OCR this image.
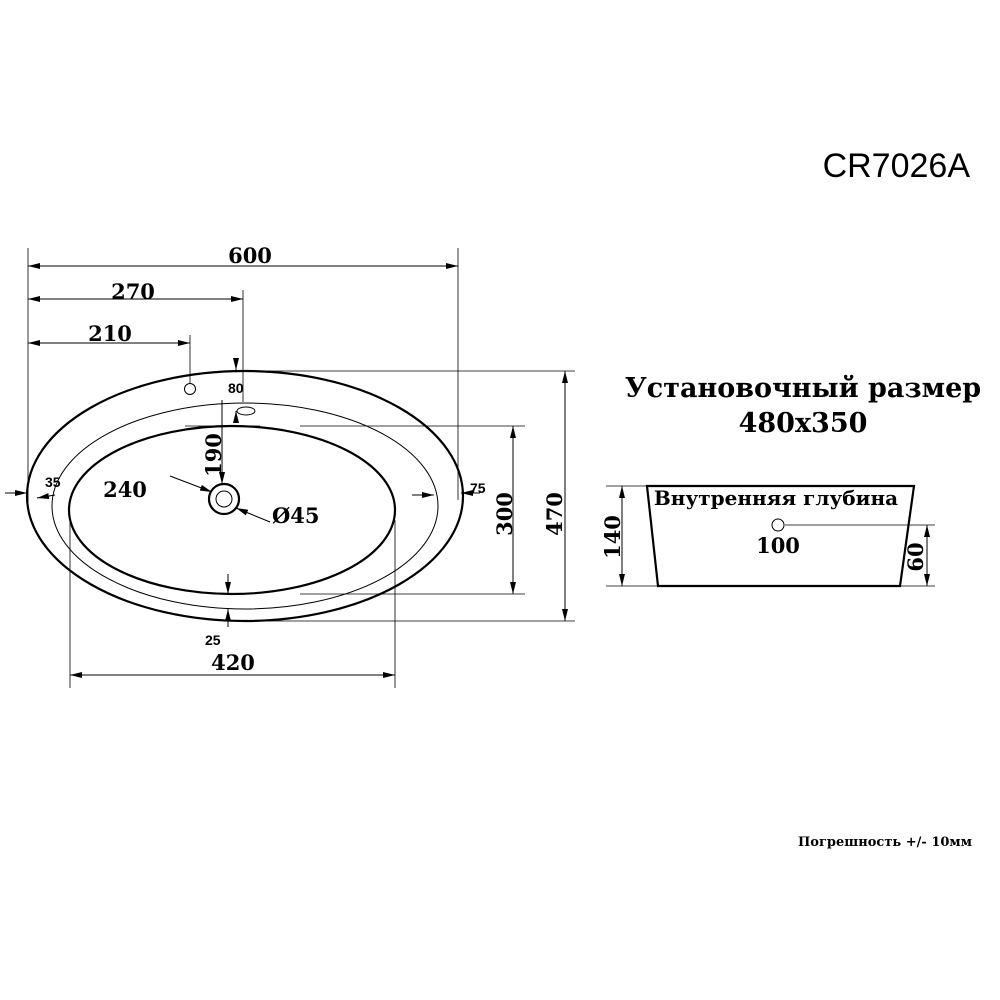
CR7026A
600
270
210
80
190
240
Ø45
35	75
300 470
25
420
Установочный размер
480x350
Внутренняя глубина
100
140	60
Погрешность +/- 10мм
